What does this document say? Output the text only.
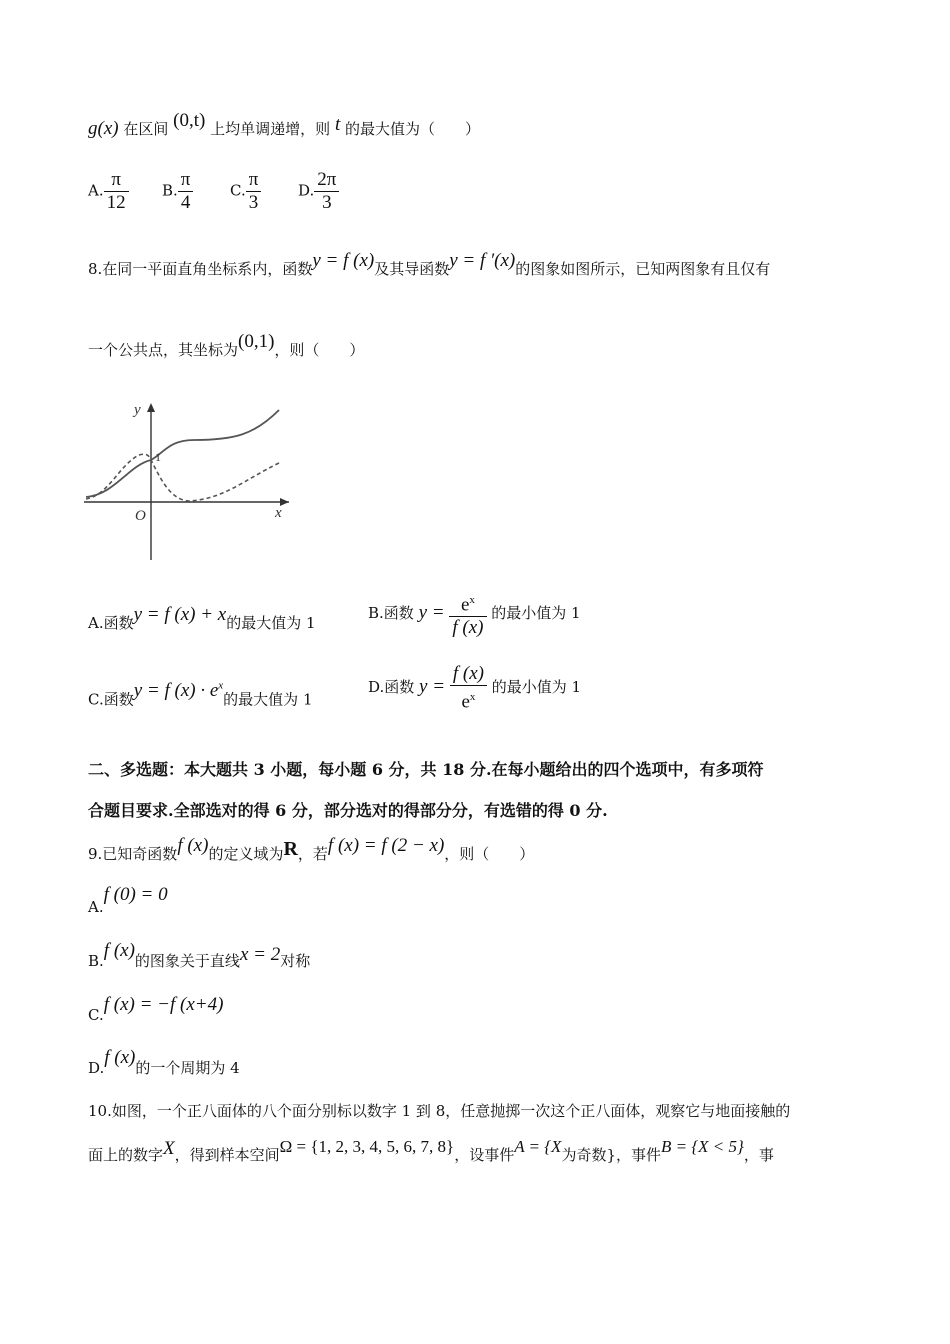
g(x) 在区间 (0,t) 上均单调递增，则 t 的最大值为（　　）
A. $\frac{\pi}{12} B$. $\frac{\pi}{4} C$. $\frac{\pi}{3} D$. $\frac{2\pi}{3}$
8.在同一平面直角坐标系内，函数y = f (x)及其导函数y = f ′(x)的图象如图所示，已知两图象有且仅有
一个公共点，其坐标为(0,1)，则（　　）
y
x
O
1
A.函数y = f (x) + x的最大值为 1
B.函数 $y = \frac{e^x}{f (x)}$ 的最小值为 1
C.函数y = f $(x) \cdot e^x$的最大值为 1
D.函数 $y = \frac{f (x)}{e^x}$ 的最小值为 1
二、多选题：本大题共 3 小题，每小题 6 分，共 18 分.在每小题给出的四个选项中，有多项符
合题目要求.全部选对的得 6 分，部分选对的得部分分，有选错的得 0 分.
9.已知奇函数f (x)的定义域为R，若f (x) = f (2 − x)，则（　　）
A.f (0) = 0
B.f (x)的图象关于直线x = 2对称
C.f (x) = −f (x+4)
D.f (x)的一个周期为 4
10.如图，一个正八面体的八个面分别标以数字 1 到 8，任意抛掷一次这个正八面体，观察它与地面接触的
面上的数字X，得到样本空间Ω = {1, 2, 3, 4, 5, 6, 7, 8}，设事件A = {X为奇数}，事件B = {X < 5}，事
